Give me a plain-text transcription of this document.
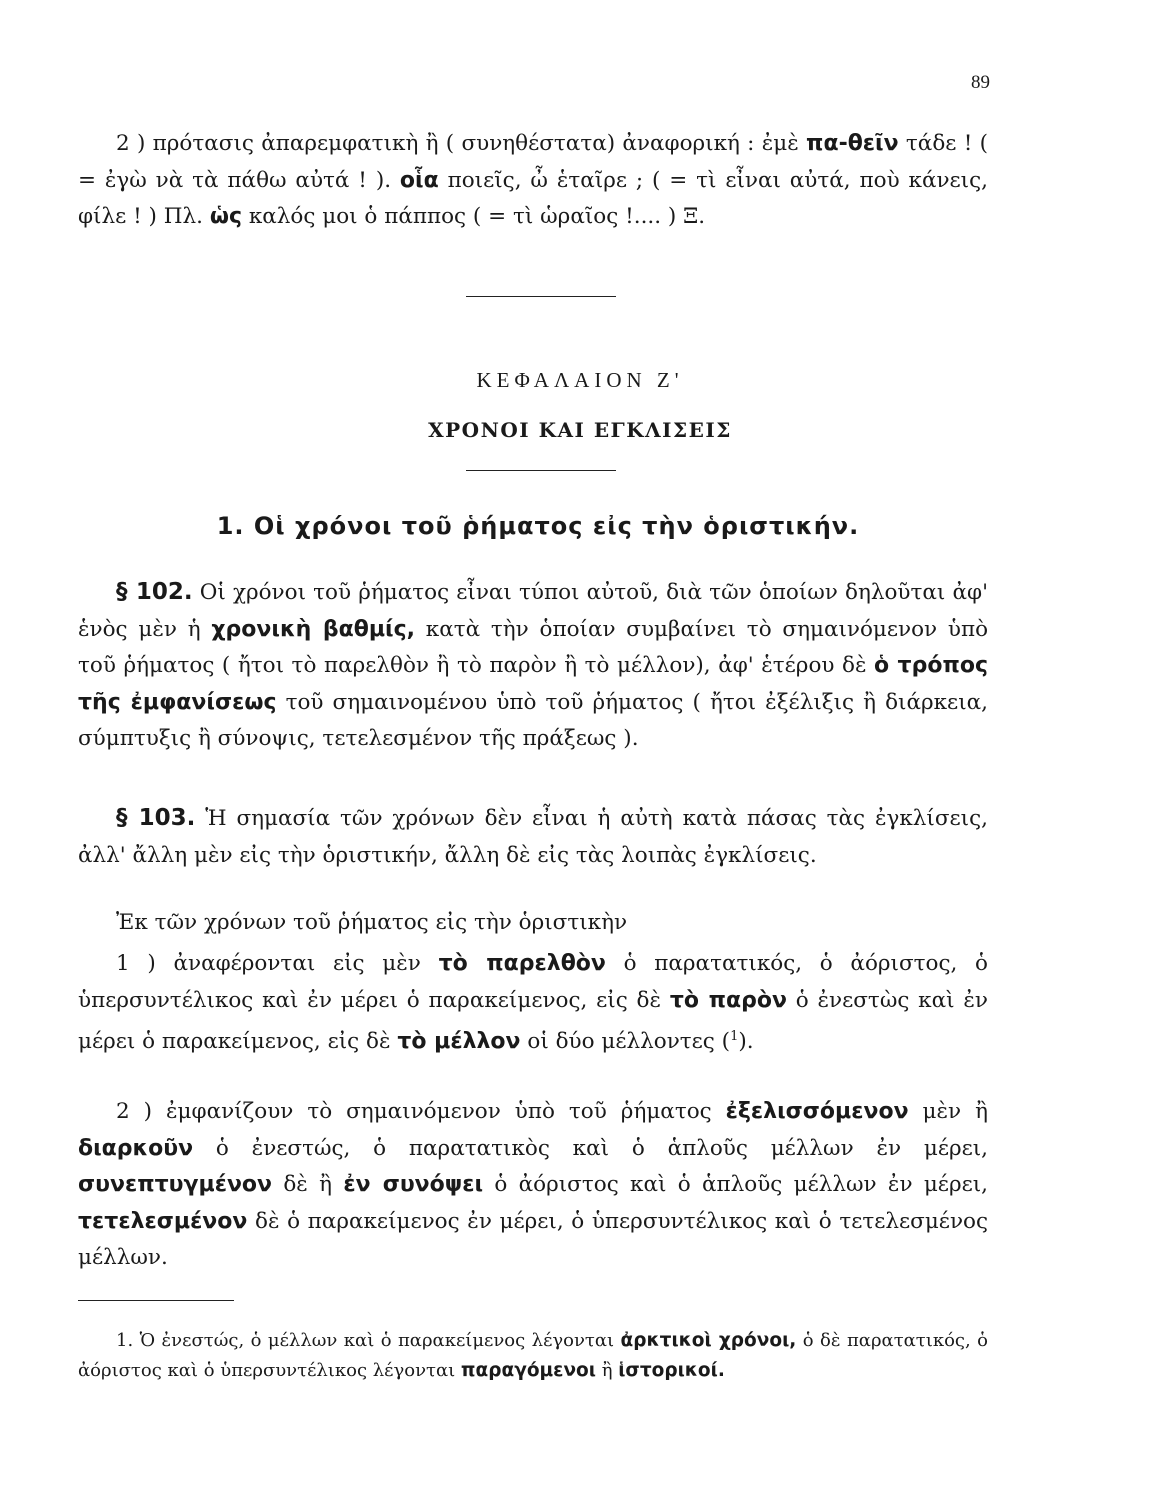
89
2 ) πρότασις ἀπαρεμφατικὴ ἢ ( συνηθέστατα) ἀναφορική : ἐμὲ πα-θεῖν τάδε ! ( = ἐγὼ νὰ τὰ πάθω αὐτά ! ). οἷα ποιεῖς, ὦ ἑταῖρε ; ( = τὶ εἶναι αὐτά, ποὺ κάνεις, φίλε ! ) Πλ. ὡς καλός μοι ὁ πάππος ( = τὶ ὡραῖος !.... ) Ξ.
ΚΕΦΑΛΑΙΟΝ Ζ'
ΧΡΟΝΟΙ ΚΑΙ ΕΓΚΛΙΣΕΙΣ
1. Οἱ χρόνοι τοῦ ῥήματος εἰς τὴν ὁριστικήν.
§ 102. Οἱ χρόνοι τοῦ ῥήματος εἶναι τύποι αὐτοῦ, διὰ τῶν ὁποίων δηλοῦται ἀφ' ἑνὸς μὲν ἡ χρονικὴ βαθμίς, κατὰ τὴν ὁποίαν συμβαίνει τὸ σημαινόμενον ὑπὸ τοῦ ῥήματος ( ἤτοι τὸ παρελθὸν ἢ τὸ παρὸν ἢ τὸ μέλλον), ἀφ' ἑτέρου δὲ ὁ τρόπος τῆς ἐμφανίσεως τοῦ σημαινομένου ὑπὸ τοῦ ῥήματος ( ἤτοι ἐξέλιξις ἢ διάρκεια, σύμπτυξις ἢ σύνοψις, τετελεσμένον τῆς πράξεως ).
§ 103. Ἡ σημασία τῶν χρόνων δὲν εἶναι ἡ αὐτὴ κατὰ πάσας τὰς ἐγκλίσεις, ἀλλ' ἄλλη μὲν εἰς τὴν ὁριστικήν, ἄλλη δὲ εἰς τὰς λοιπὰς ἐγκλίσεις.
Ἐκ τῶν χρόνων τοῦ ῥήματος εἰς τὴν ὁριστικὴν
1 ) ἀναφέρονται εἰς μὲν τὸ παρελθὸν ὁ παρατατικός, ὁ ἀόριστος, ὁ ὑπερσυντέλικος καὶ ἐν μέρει ὁ παρακείμενος, εἰς δὲ τὸ παρὸν ὁ ἐνεστὼς καὶ ἐν μέρει ὁ παρακείμενος, εἰς δὲ τὸ μέλλον οἱ δύο μέλλοντες ($^1$).
2 ) ἐμφανίζουν τὸ σημαινόμενον ὑπὸ τοῦ ῥήματος ἐξελισσόμενον μὲν ἢ διαρκοῦν ὁ ἐνεστώς, ὁ παρατατικὸς καὶ ὁ ἁπλοῦς μέλλων ἐν μέρει, συνεπτυγμένον δὲ ἢ ἐν συνόψει ὁ ἀόριστος καὶ ὁ ἁπλοῦς μέλλων ἐν μέρει, τετελεσμένον δὲ ὁ παρακείμενος ἐν μέρει, ὁ ὑπερσυντέλικος καὶ ὁ τετελεσμένος μέλλων.
1. Ὁ ἐνεστώς, ὁ μέλλων καὶ ὁ παρακείμενος λέγονται ἀρκτικοὶ χρόνοι, ὁ δὲ παρατατικός, ὁ ἀόριστος καὶ ὁ ὑπερσυντέλικος λέγονται παραγόμενοι ἢ ἱστορικοί.
